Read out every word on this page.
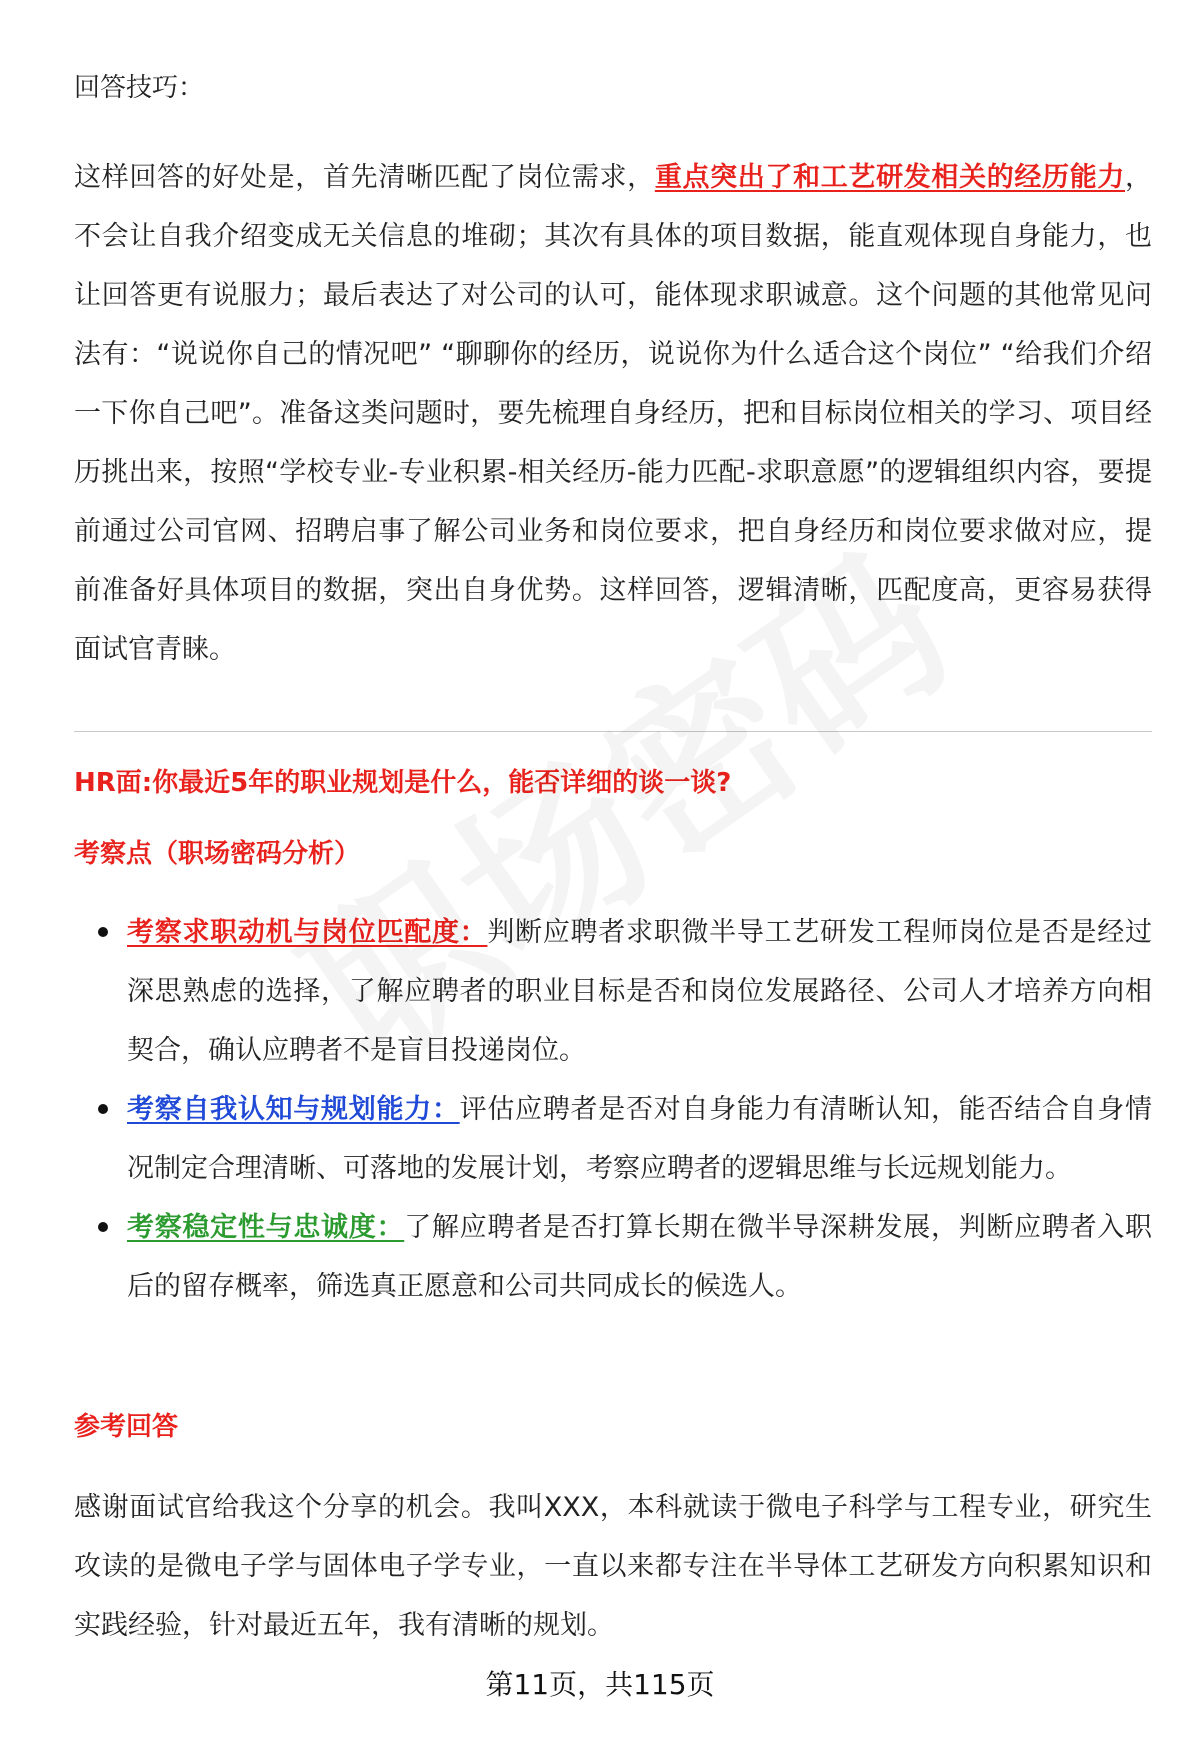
回答技巧：
这样回答的好处是，首先清晰匹配了岗位需求，重点突出了和工艺研发相关的经历能力，不会让自我介绍变成无关信息的堆砌；其次有具体的项目数据，能直观体现自身能力，也让回答更有说服力；最后表达了对公司的认可，能体现求职诚意。这个问题的其他常见问法有：“说说你自己的情况吧” “聊聊你的经历，说说你为什么适合这个岗位” “给我们介绍一下你自己吧”。准备这类问题时，要先梳理自身经历，把和目标岗位相关的学习、项目经历挑出来，按照“学校专业-专业积累-相关经历-能力匹配-求职意愿”的逻辑组织内容，要提前通过公司官网、招聘启事了解公司业务和岗位要求，把自身经历和岗位要求做对应，提前准备好具体项目的数据，突出自身优势。这样回答，逻辑清晰，匹配度高，更容易获得面试官青睐。
HR面:你最近5年的职业规划是什么，能否详细的谈一谈?
考察点（职场密码分析）
考察求职动机与岗位匹配度：判断应聘者求职微半导工艺研发工程师岗位是否是经过深思熟虑的选择，了解应聘者的职业目标是否和岗位发展路径、公司人才培养方向相契合，确认应聘者不是盲目投递岗位。
考察自我认知与规划能力：评估应聘者是否对自身能力有清晰认知，能否结合自身情况制定合理清晰、可落地的发展计划，考察应聘者的逻辑思维与长远规划能力。
考察稳定性与忠诚度：了解应聘者是否打算长期在微半导深耕发展，判断应聘者入职后的留存概率，筛选真正愿意和公司共同成长的候选人。
参考回答
感谢面试官给我这个分享的机会。我叫XXX，本科就读于微电子科学与工程专业，研究生攻读的是微电子学与固体电子学专业，一直以来都专注在半导体工艺研发方向积累知识和实践经验，针对最近五年，我有清晰的规划。
第11页，共115页
